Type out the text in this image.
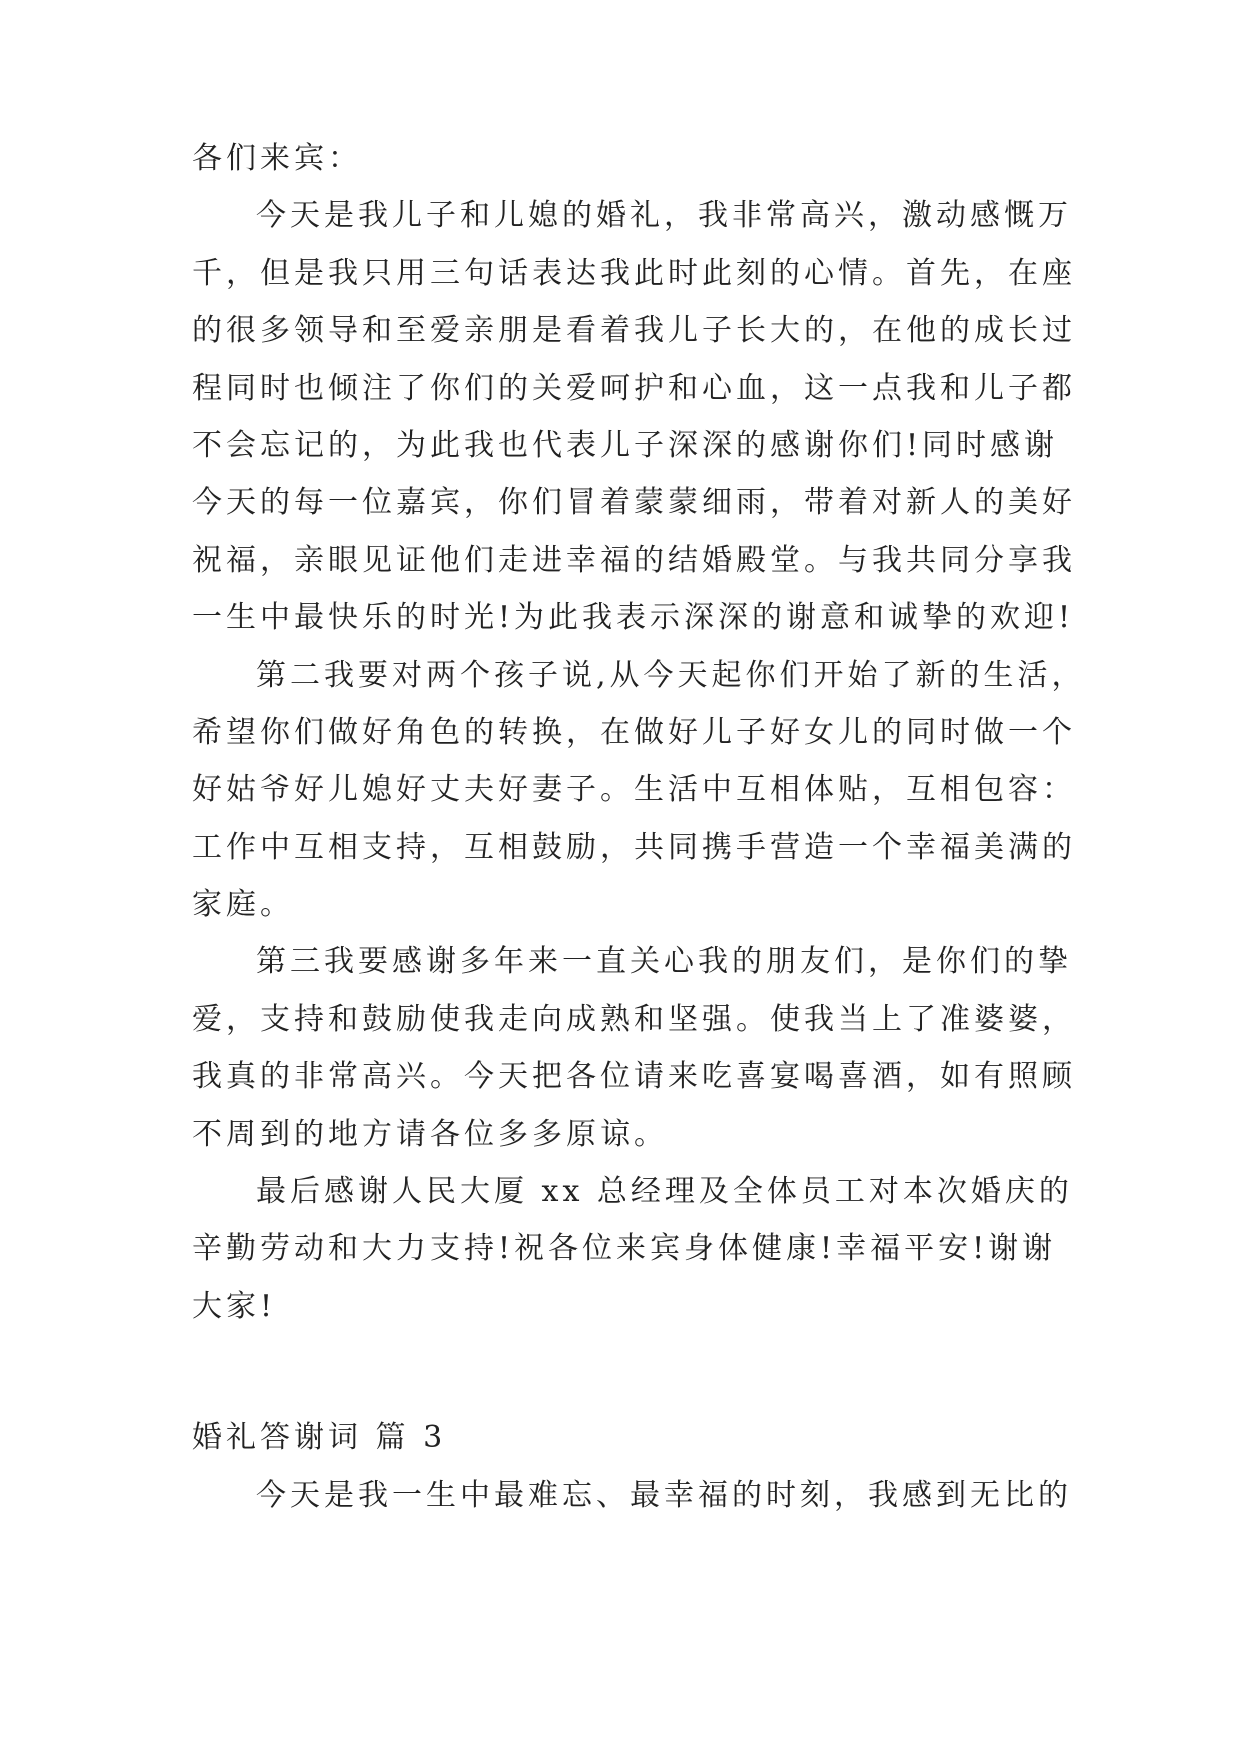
各们来宾：
今天是我儿子和儿媳的婚礼，我非常高兴，激动感慨万
千，但是我只用三句话表达我此时此刻的心情。首先，在座
的很多领导和至爱亲朋是看着我儿子长大的，在他的成长过
程同时也倾注了你们的关爱呵护和心血，这一点我和儿子都
不会忘记的，为此我也代表儿子深深的感谢你们!同时感谢
今天的每一位嘉宾，你们冒着蒙蒙细雨，带着对新人的美好
祝福，亲眼见证他们走进幸福的结婚殿堂。与我共同分享我
一生中最快乐的时光!为此我表示深深的谢意和诚挚的欢迎!
第二我要对两个孩子说,从今天起你们开始了新的生活，
希望你们做好角色的转换，在做好儿子好女儿的同时做一个
好姑爷好儿媳好丈夫好妻子。生活中互相体贴，互相包容：
工作中互相支持，互相鼓励，共同携手营造一个幸福美满的
家庭。
第三我要感谢多年来一直关心我的朋友们，是你们的挚
爱，支持和鼓励使我走向成熟和坚强。使我当上了准婆婆，
我真的非常高兴。今天把各位请来吃喜宴喝喜酒，如有照顾
不周到的地方请各位多多原谅。
最后感谢人民大厦 xx 总经理及全体员工对本次婚庆的
辛勤劳动和大力支持!祝各位来宾身体健康!幸福平安!谢谢
大家!
婚礼答谢词 篇 3
今天是我一生中最难忘、最幸福的时刻，我感到无比的
